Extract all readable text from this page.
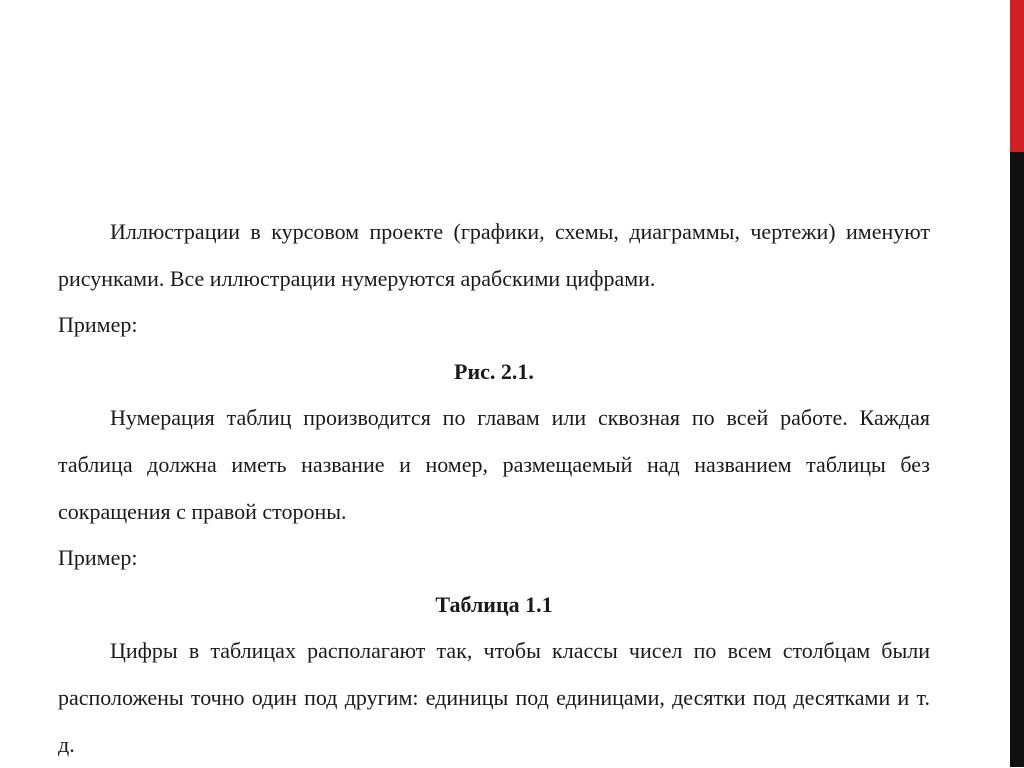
Иллюстрации в курсовом проекте (графики, схемы, диаграммы, чертежи) именуют рисунками. Все иллюстрации нумеруются арабскими цифрами.

Пример:

Рис. 2.1.

Нумерация таблиц производится по главам или сквозная по всей работе. Каждая таблица должна иметь название и номер, размещаемый над названием таблицы без сокращения с правой стороны.

Пример:

Таблица 1.1

Цифры в таблицах располагают так, чтобы классы чисел по всем столбцам были расположены точно один под другим: единицы под единицами, десятки под десятками и т. д.
